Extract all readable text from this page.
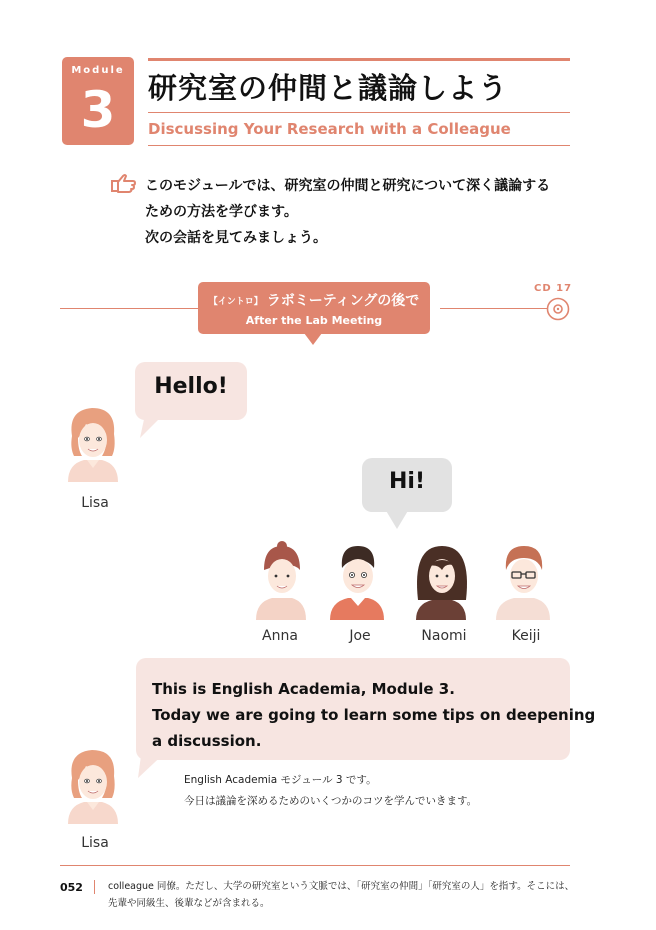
Module
3	研究室の仲間と議論しよう
Discussing Your Research with a Colleague
このモジュールでは、研究室の仲間と研究について深く議論する
ための方法を学びます。
次の会話を見てみましょう。
【イントロ】 ラボミーティングの後で
After the Lab Meeting
CD 17
Hello!
Lisa
Hi!
Anna	Joe	Naomi	Keiji
This is English Academia, Module 3.
Today we are going to learn some tips on deepening
a discussion.
English Academia モジュール 3 です。
今日は議論を深めるためのいくつかのコツを学んでいきます。
Lisa
052	colleague 同僚。ただし、大学の研究室という文脈では、「研究室の仲間」「研究室の人」を指す。そこには、
先輩や同級生、後輩などが含まれる。
